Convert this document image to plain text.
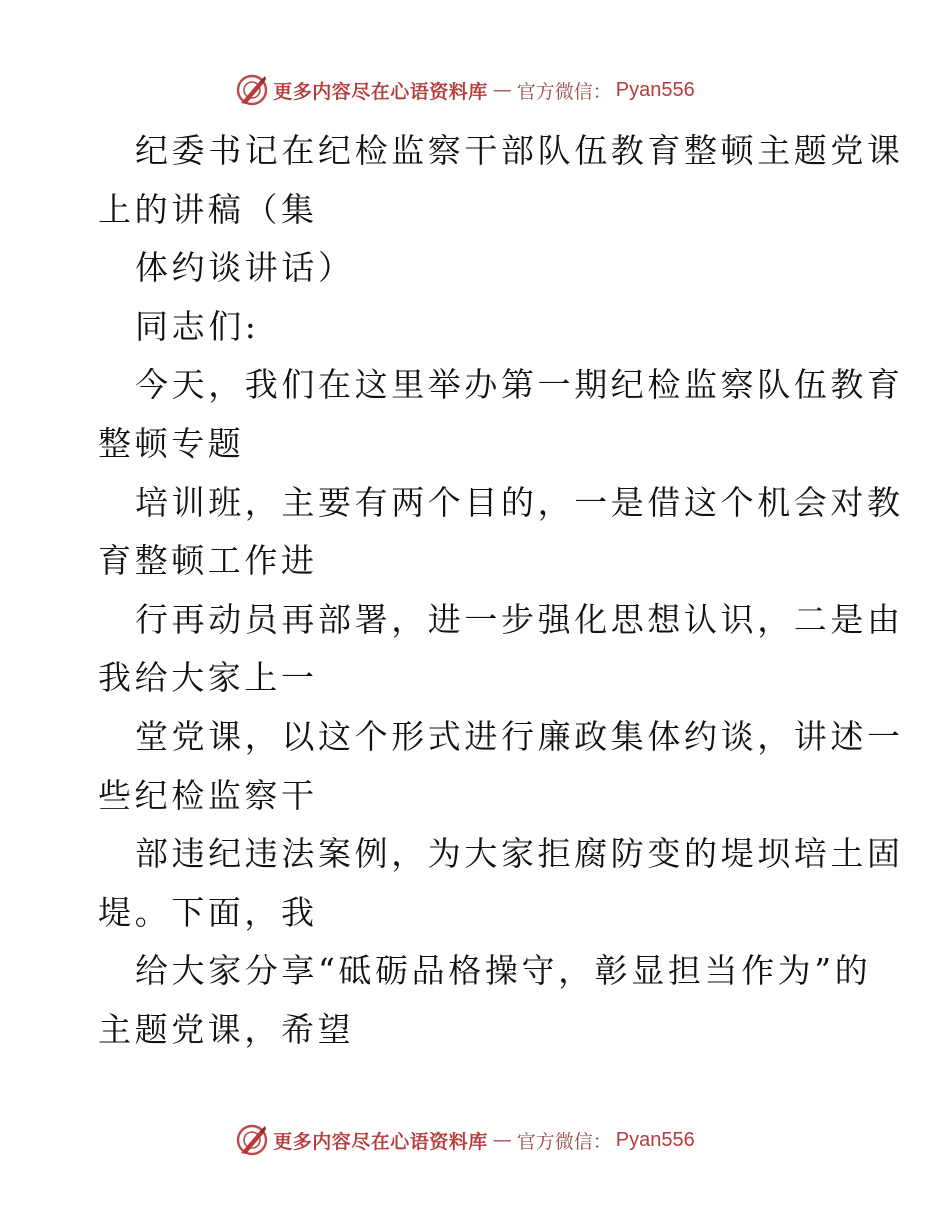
更多内容尽在心语资料库 — 官方微信： Pyan556
纪委书记在纪检监察干部队伍教育整顿主题党课
上的讲稿（集
体约谈讲话）
同志们:
今天，我们在这里举办第一期纪检监察队伍教育
整顿专题
培训班，主要有两个目的，一是借这个机会对教
育整顿工作进
行再动员再部署，进一步强化思想认识，二是由
我给大家上一
堂党课，以这个形式进行廉政集体约谈，讲述一
些纪检监察干
部违纪违法案例，为大家拒腐防变的堤坝培土固
堤。下面，我
给大家分享“砥砺品格操守，彰显担当作为”的
主题党课，希望
更多内容尽在心语资料库 — 官方微信： Pyan556
